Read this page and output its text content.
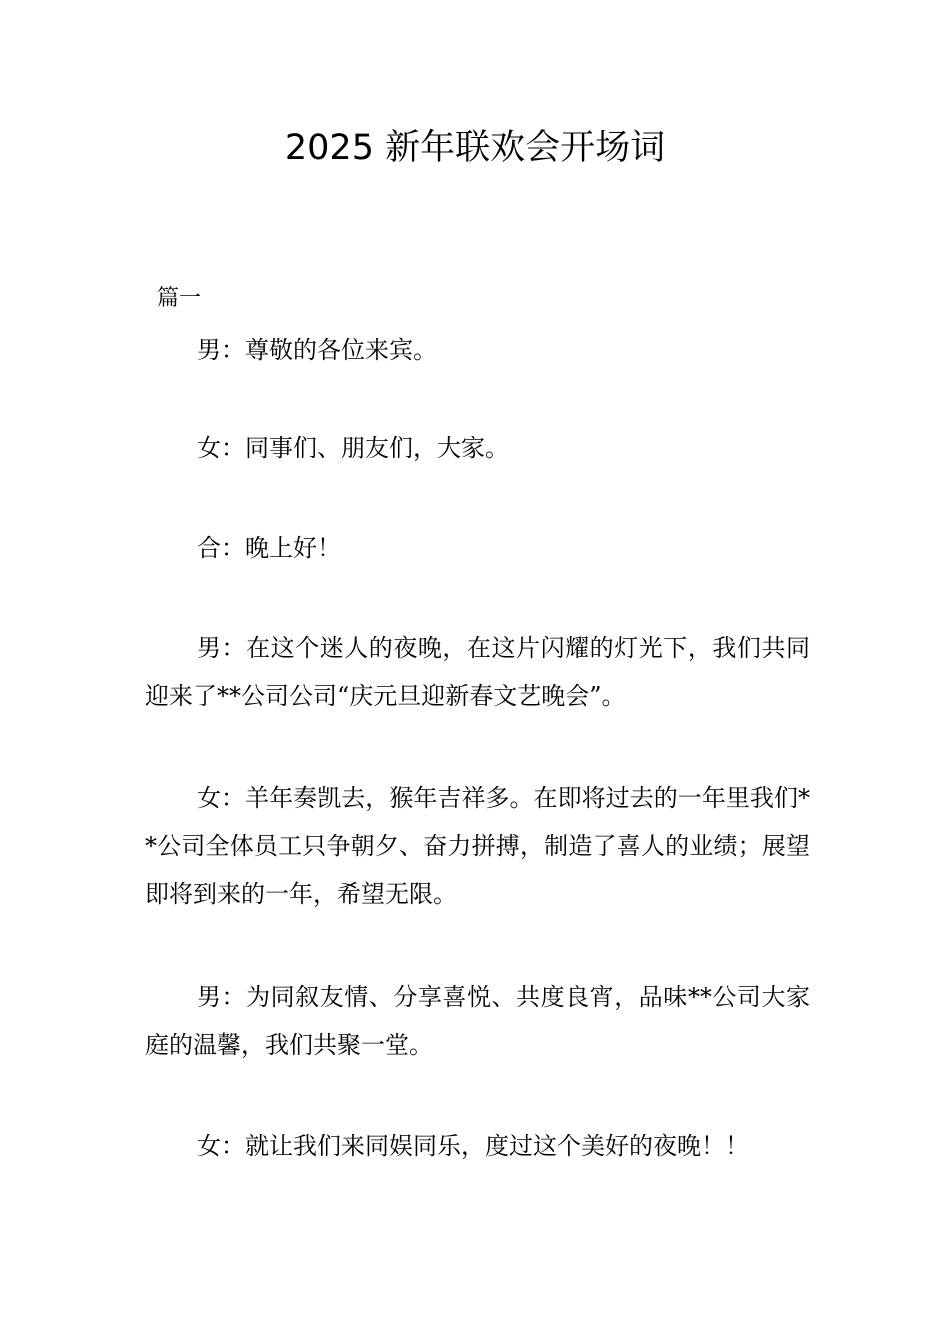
2025 新年联欢会开场词
篇一

男：尊敬的各位来宾。

女：同事们、朋友们，大家。

合：晚上好！

男：在这个迷人的夜晚，在这片闪耀的灯光下，我们共同迎来了**公司公司“庆元旦迎新春文艺晚会”。

女：羊年奏凯去，猴年吉祥多。在即将过去的一年里我们**公司全体员工只争朝夕、奋力拼搏，制造了喜人的业绩；展望即将到来的一年，希望无限。

男：为同叙友情、分享喜悦、共度良宵，品味**公司大家庭的温馨，我们共聚一堂。

女：就让我们来同娱同乐，度过这个美好的夜晚！！
